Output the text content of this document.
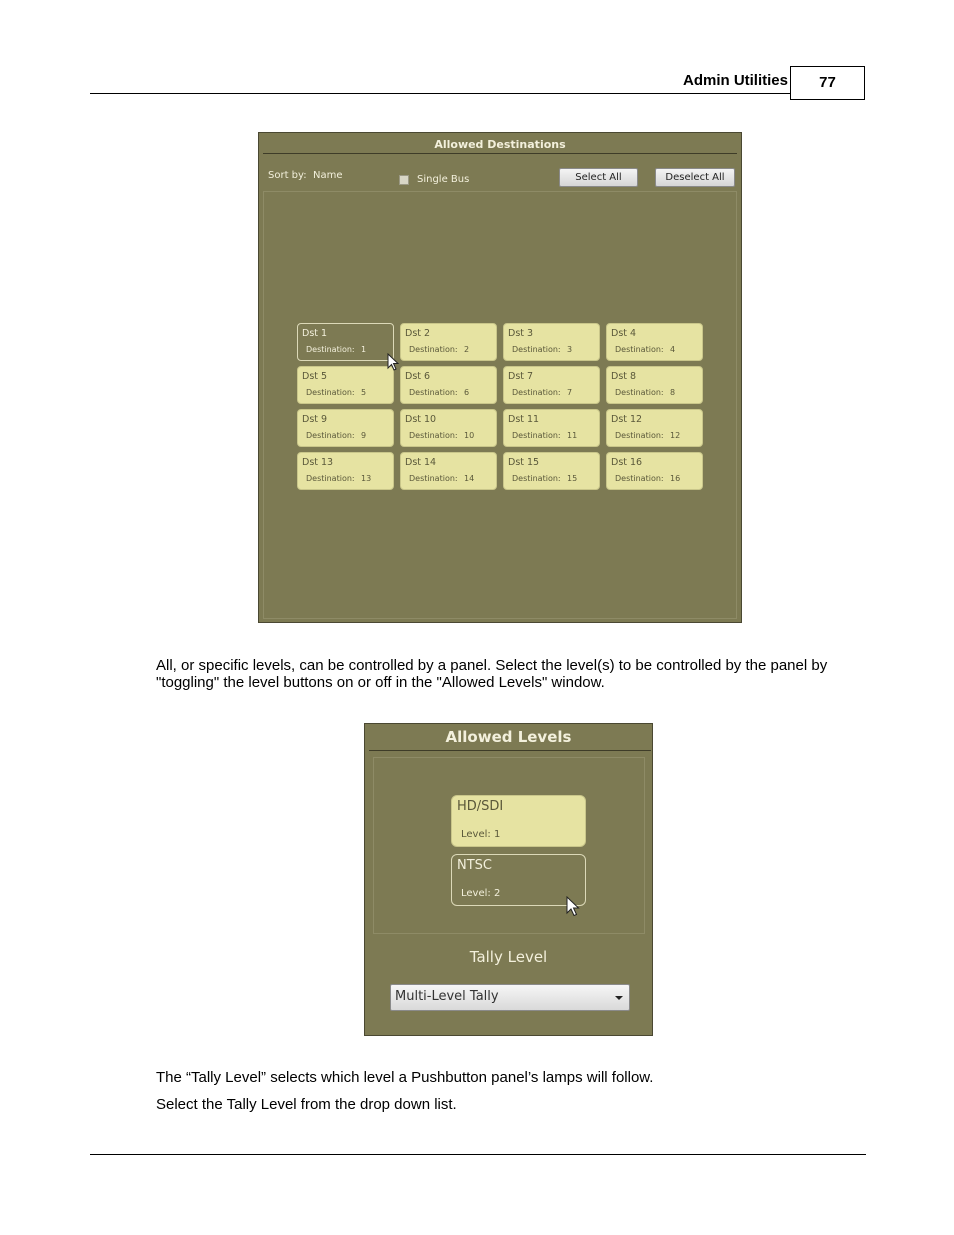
Admin Utilities	77
Allowed Destinations
Sort by: Name	Single Bus	Select All	Deselect All
Dst 1
Destination: 1
Dst 2
Destination: 2
Dst 3
Destination: 3
Dst 4
Destination: 4
Dst 5
Destination: 5
Dst 6
Destination: 6
Dst 7
Destination: 7
Dst 8
Destination: 8
Dst 9
Destination: 9
Dst 10
Destination: 10
Dst 11
Destination: 11
Dst 12
Destination: 12
Dst 13
Destination: 13
Dst 14
Destination: 14
Dst 15
Destination: 15
Dst 16
Destination: 16
All, or specific levels, can be controlled by a panel. Select the level(s) to be controlled by the panel by "toggling" the level buttons on or off in the "Allowed Levels" window.
Allowed Levels
HD/SDI
Level: 1
NTSC
Level: 2
Tally Level
Multi-Level Tally
The “Tally Level” selects which level a Pushbutton panel’s lamps will follow.
Select the Tally Level from the drop down list.
